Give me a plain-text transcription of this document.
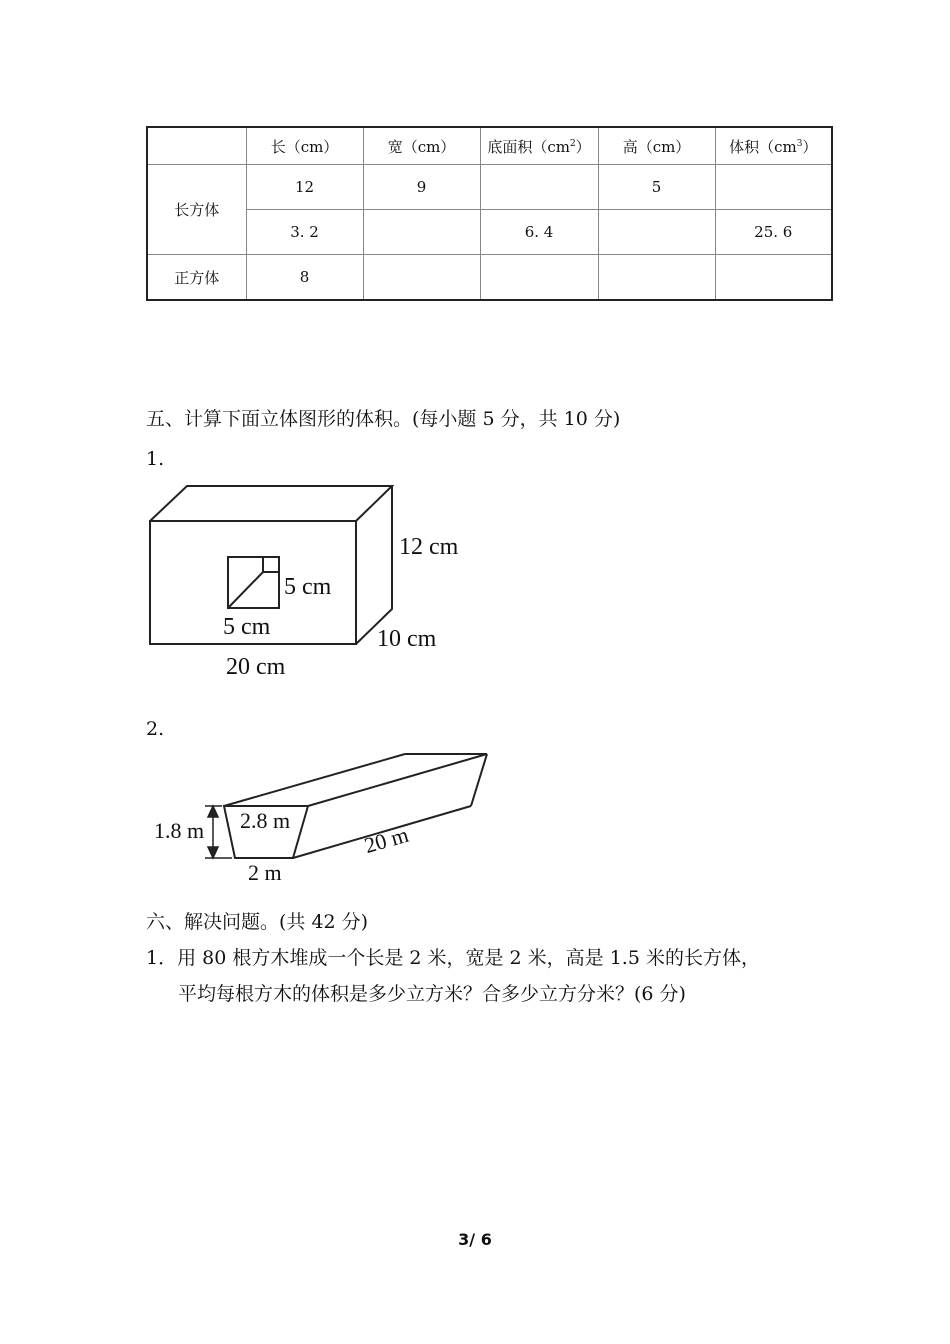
	长（cm）	宽（cm）	底面积$(cm^2)$	高（cm）	体积$(cm^3)$
长方体	12	9		5	
	3. 2		6. 4		25. 6
正方体	8				
五、计算下面立体图形的体积。(每小题 5 分，共 10 分)
1.
12 cm
5 cm
5 cm	10 cm
20 cm
2.
1.8 m 2.8 m
2 m
20 m
六、解决问题。(共 42 分)
1．用 80 根方木堆成一个长是 2 米，宽是 2 米，高是 1.5 米的长方体，
平均每根方木的体积是多少立方米？合多少立方分米？(6 分)
3/ 6
